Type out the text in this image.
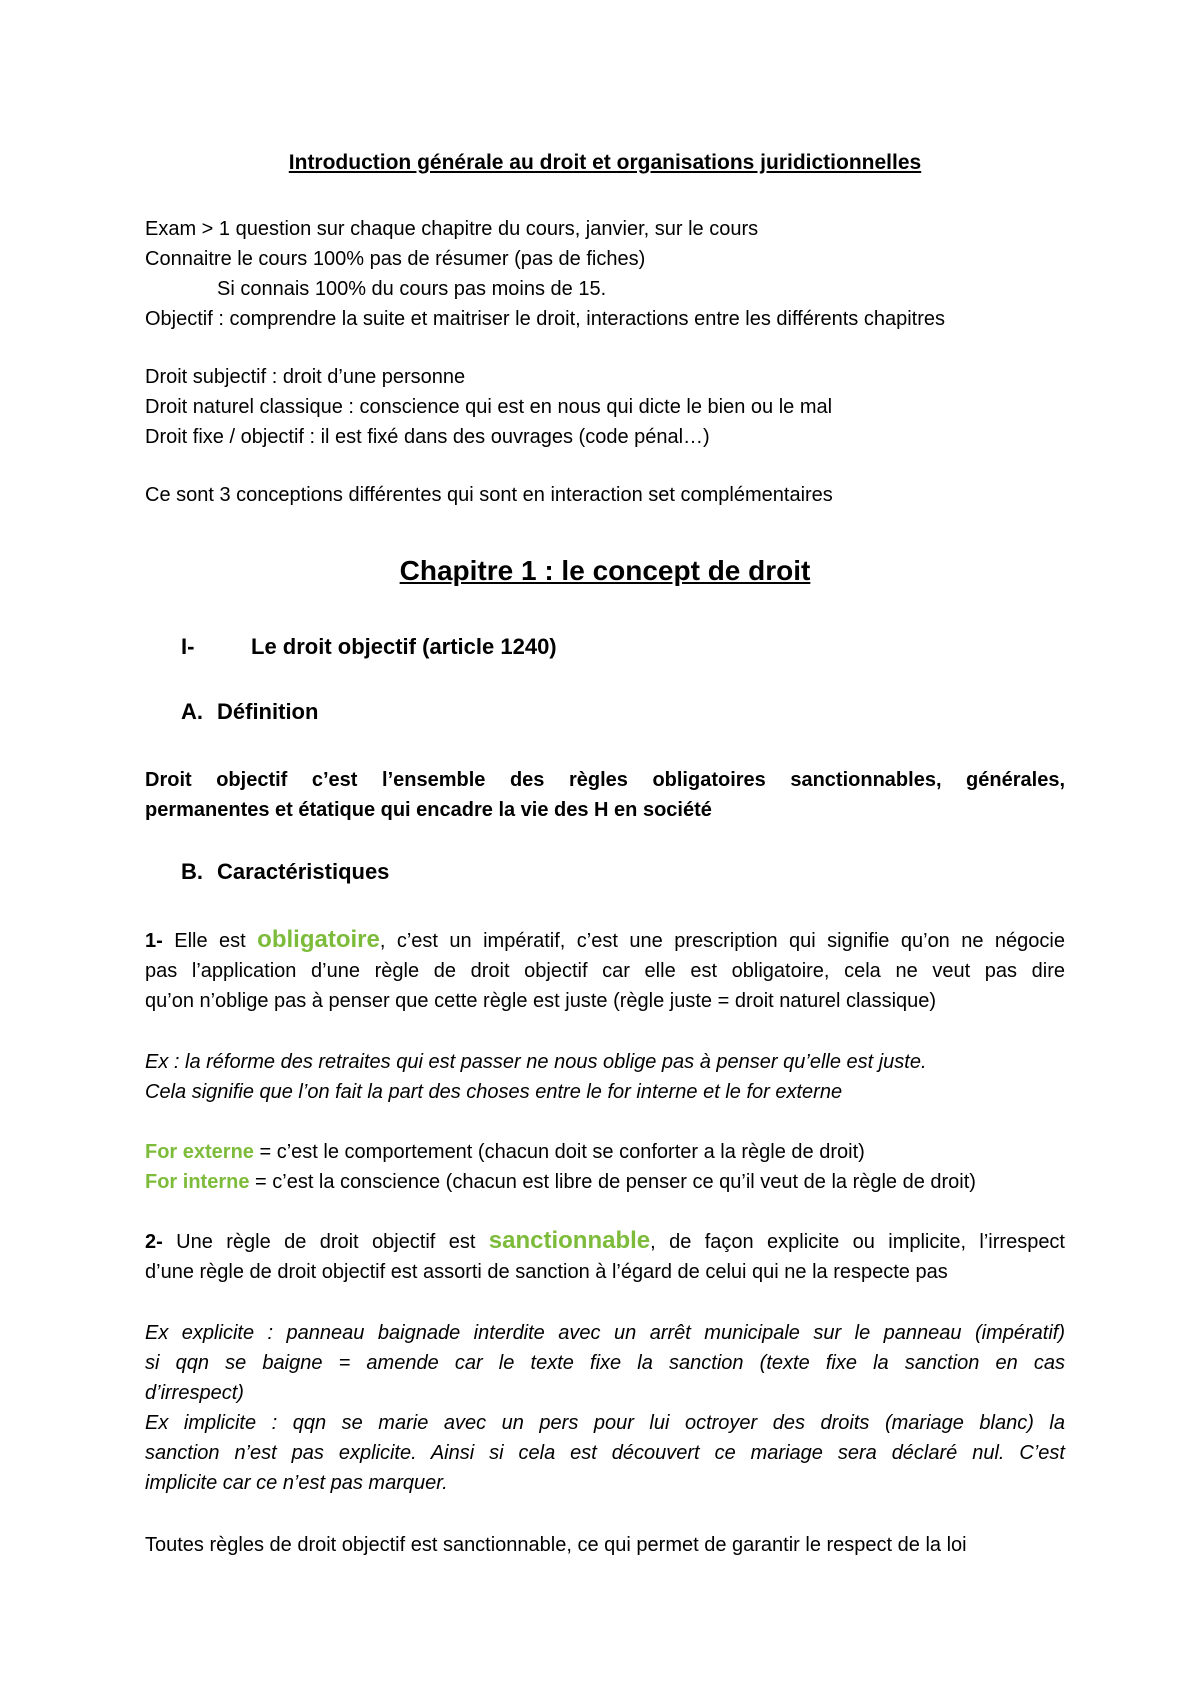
Introduction générale au droit et organisations juridictionnelles
Exam > 1 question sur chaque chapitre du cours, janvier, sur le cours
Connaitre le cours 100% pas de résumer (pas de fiches)
Si connais 100% du cours pas moins de 15.
Objectif : comprendre la suite et maitriser le droit, interactions entre les différents chapitres
Droit subjectif : droit d’une personne
Droit naturel classique : conscience qui est en nous qui dicte le bien ou le mal
Droit fixe / objectif : il est fixé dans des ouvrages (code pénal…)
Ce sont 3 conceptions différentes qui sont en interaction set complémentaires
Chapitre 1 : le concept de droit
I-	Le droit objectif (article 1240)
A. Définition
Droit objectif c’est l’ensemble des règles obligatoires sanctionnables, générales,
permanentes et étatique qui encadre la vie des H en société
B. Caractéristiques
1- Elle est obligatoire, c’est un impératif, c’est une prescription qui signifie qu’on ne négocie
pas l’application d’une règle de droit objectif car elle est obligatoire, cela ne veut pas dire
qu’on n’oblige pas à penser que cette règle est juste (règle juste = droit naturel classique)
Ex : la réforme des retraites qui est passer ne nous oblige pas à penser qu’elle est juste.
Cela signifie que l’on fait la part des choses entre le for interne et le for externe
For externe = c’est le comportement (chacun doit se conforter a la règle de droit)
For interne = c’est la conscience (chacun est libre de penser ce qu’il veut de la règle de droit)
2- Une règle de droit objectif est sanctionnable, de façon explicite ou implicite, l’irrespect
d’une règle de droit objectif est assorti de sanction à l’égard de celui qui ne la respecte pas
Ex explicite : panneau baignade interdite avec un arrêt municipale sur le panneau (impératif)
si qqn se baigne = amende car le texte fixe la sanction (texte fixe la sanction en cas
d’irrespect)
Ex implicite : qqn se marie avec un pers pour lui octroyer des droits (mariage blanc) la
sanction n’est pas explicite. Ainsi si cela est découvert ce mariage sera déclaré nul. C’est
implicite car ce n’est pas marquer.
Toutes règles de droit objectif est sanctionnable, ce qui permet de garantir le respect de la loi
